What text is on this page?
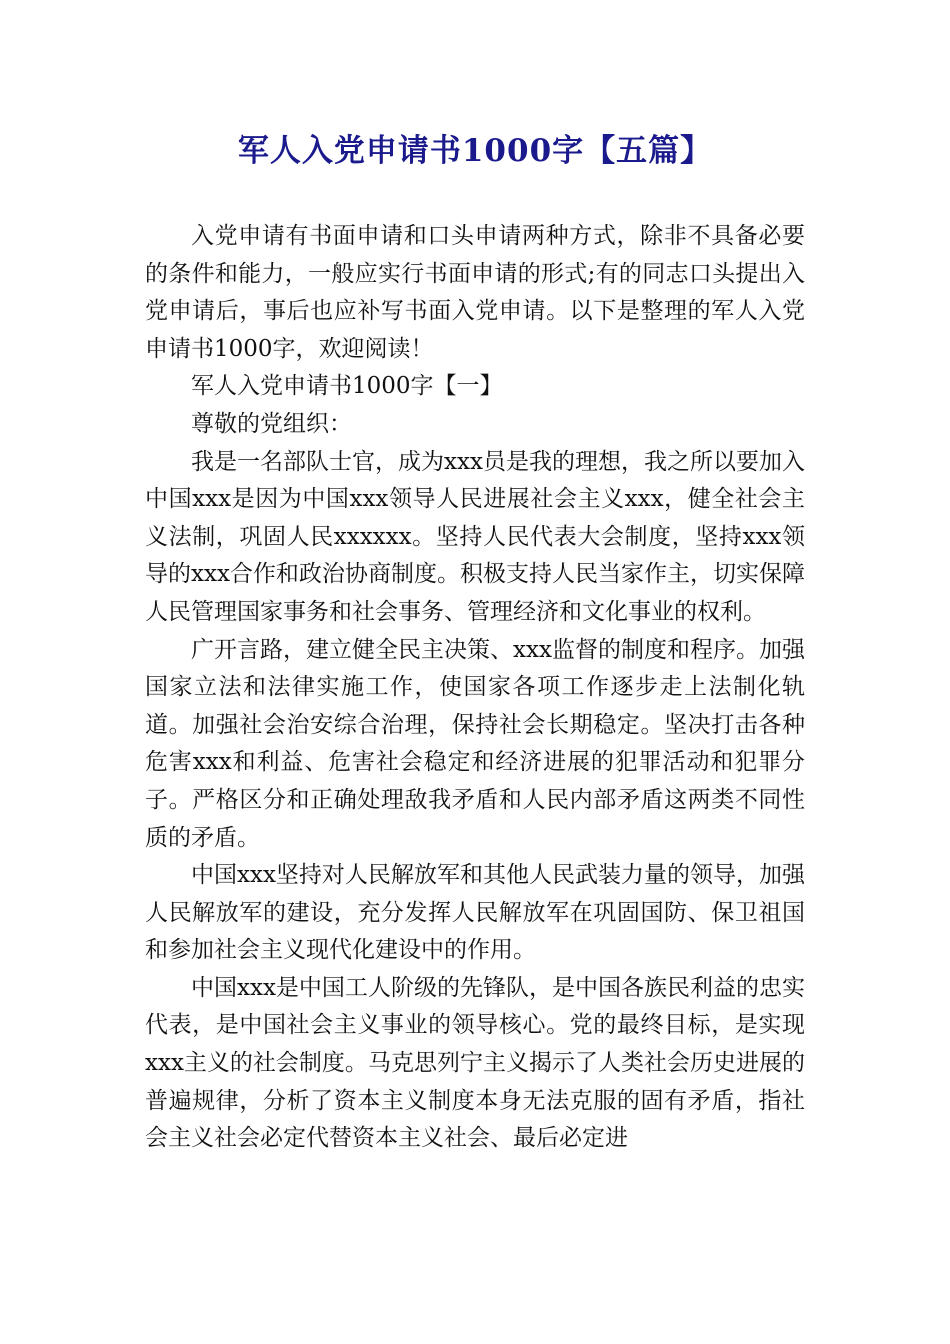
军人入党申请书1000字【五篇】

入党申请有书面申请和口头申请两种方式，除非不具备必要的条件和能力，一般应实行书面申请的形式;有的同志口头提出入党申请后，事后也应补写书面入党申请。以下是整理的军人入党申请书1000字，欢迎阅读！

军人入党申请书1000字【一】

尊敬的党组织：

我是一名部队士官，成为xxx员是我的理想，我之所以要加入中国xxx是因为中国xxx领导人民进展社会主义xxx，健全社会主义法制，巩固人民xxxxxx。坚持人民代表大会制度，坚持xxx领导的xxx合作和政治协商制度。积极支持人民当家作主，切实保障人民管理国家事务和社会事务、管理经济和文化事业的权利。

广开言路，建立健全民主决策、xxx监督的制度和程序。加强国家立法和法律实施工作，使国家各项工作逐步走上法制化轨道。加强社会治安综合治理，保持社会长期稳定。坚决打击各种危害xxx和利益、危害社会稳定和经济进展的犯罪活动和犯罪分子。严格区分和正确处理敌我矛盾和人民内部矛盾这两类不同性质的矛盾。

中国xxx坚持对人民解放军和其他人民武装力量的领导，加强人民解放军的建设，充分发挥人民解放军在巩固国防、保卫祖国和参加社会主义现代化建设中的作用。

中国xxx是中国工人阶级的先锋队，是中国各族民利益的忠实代表，是中国社会主义事业的领导核心。党的最终目标，是实现xxx主义的社会制度。马克思列宁主义揭示了人类社会历史进展的普遍规律，分析了资本主义制度本身无法克服的固有矛盾，指社会主义社会必定代替资本主义社会、最后必定进
